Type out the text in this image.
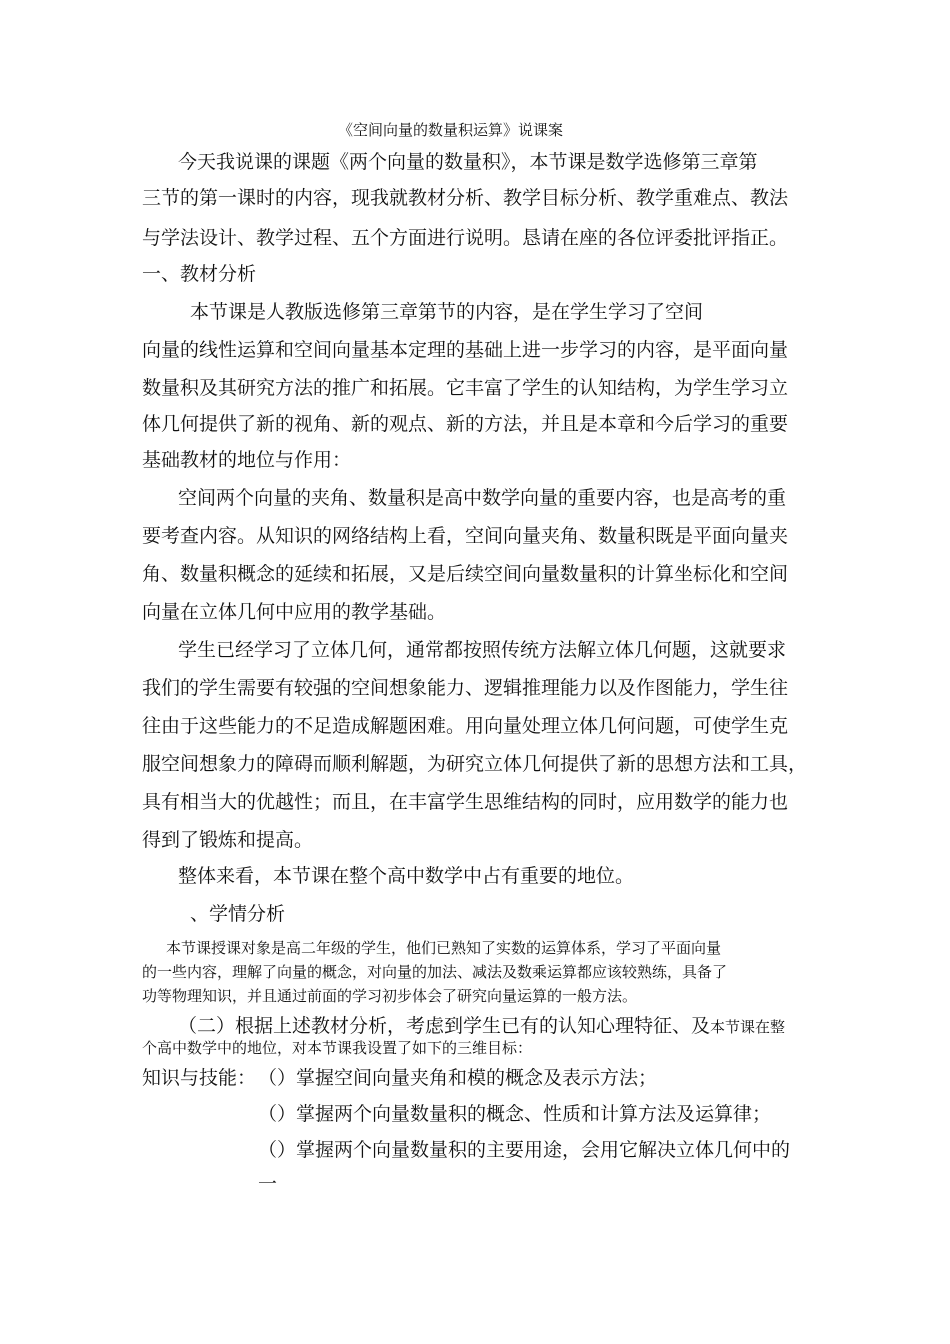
《空间向量的数量积运算》说课案
今天我说课的课题《两个向量的数量积》，本节课是数学选修第三章第
三节的第一课时的内容，现我就教材分析、教学目标分析、教学重难点、教法
与学法设计、教学过程、五个方面进行说明。恳请在座的各位评委批评指正。
一、教材分析
本节课是人教版选修第三章第节的内容，是在学生学习了空间
向量的线性运算和空间向量基本定理的基础上进一步学习的内容，是平面向量
数量积及其研究方法的推广和拓展。它丰富了学生的认知结构，为学生学习立
体几何提供了新的视角、新的观点、新的方法，并且是本章和今后学习的重要
基础教材的地位与作用：
空间两个向量的夹角、数量积是高中数学向量的重要内容，也是高考的重
要考查内容。从知识的网络结构上看，空间向量夹角、数量积既是平面向量夹
角、数量积概念的延续和拓展，又是后续空间向量数量积的计算坐标化和空间
向量在立体几何中应用的教学基础。
学生已经学习了立体几何，通常都按照传统方法解立体几何题，这就要求
我们的学生需要有较强的空间想象能力、逻辑推理能力以及作图能力，学生往
往由于这些能力的不足造成解题困难。用向量处理立体几何问题，可使学生克
服空间想象力的障碍而顺利解题，为研究立体几何提供了新的思想方法和工具，
具有相当大的优越性；而且，在丰富学生思维结构的同时，应用数学的能力也
得到了锻炼和提高。
整体来看，本节课在整个高中数学中占有重要的地位。
、学情分析
本节课授课对象是高二年级的学生，他们已熟知了实数的运算体系，学习了平面向量
的一些内容，理解了向量的概念，对向量的加法、减法及数乘运算都应该较熟练，具备了
功等物理知识，并且通过前面的学习初步体会了研究向量运算的一般方法。
（二）根据上述教材分析，考虑到学生已有的认知心理特征、及本节课在整
个高中数学中的地位，对本节课我设置了如下的三维目标：
知识与技能： （）掌握空间向量夹角和模的概念及表示方法；
（）掌握两个向量数量积的概念、性质和计算方法及运算律；
（）掌握两个向量数量积的主要用途，会用它解决立体几何中的
一
